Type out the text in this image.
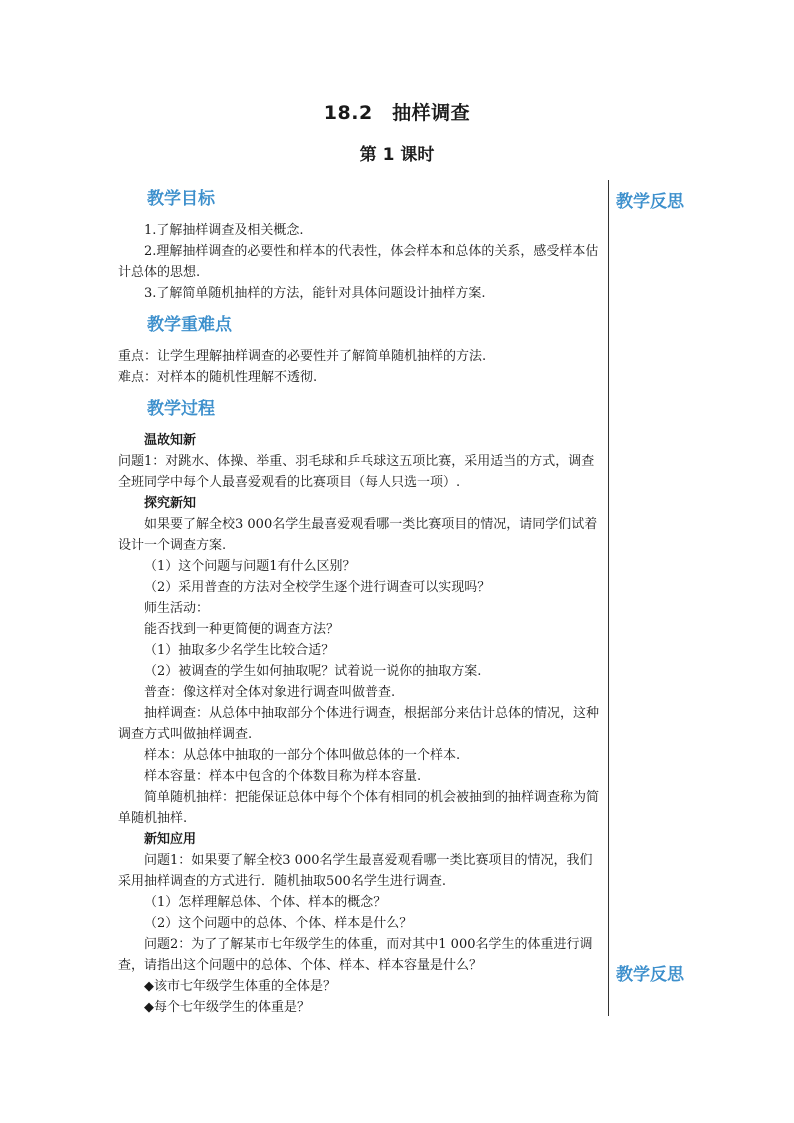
18.2　抽样调查
第 1 课时
教学反思
教学反思
教学目标

1.了解抽样调查及相关概念.

2.理解抽样调查的必要性和样本的代表性，体会样本和总体的关系，感受样本估计总体的思想.

3.了解简单随机抽样的方法，能针对具体问题设计抽样方案.

教学重难点

重点：让学生理解抽样调查的必要性并了解简单随机抽样的方法.

难点：对样本的随机性理解不透彻.

教学过程
温故知新

问题1：对跳水、体操、举重、羽毛球和乒乓球这五项比赛，采用适当的方式，调查全班同学中每个人最喜爱观看的比赛项目（每人只选一项）.

探究新知

如果要了解全校3 000名学生最喜爱观看哪一类比赛项目的情况，请同学们试着设计一个调查方案.

（1）这个问题与问题1有什么区别？

（2）采用普查的方法对全校学生逐个进行调查可以实现吗？

师生活动：

能否找到一种更简便的调查方法？

（1）抽取多少名学生比较合适？

（2）被调查的学生如何抽取呢？试着说一说你的抽取方案.

普查：像这样对全体对象进行调查叫做普查.

抽样调查：从总体中抽取部分个体进行调查，根据部分来估计总体的情况，这种调查方式叫做抽样调查.

样本：从总体中抽取的一部分个体叫做总体的一个样本.

样本容量：样本中包含的个体数目称为样本容量.

简单随机抽样：把能保证总体中每个个体有相同的机会被抽到的抽样调查称为简单随机抽样.

新知应用

问题1：如果要了解全校3 000名学生最喜爱观看哪一类比赛项目的情况，我们采用抽样调查的方式进行．随机抽取500名学生进行调查.

（1）怎样理解总体、个体、样本的概念？

（2）这个问题中的总体、个体、样本是什么？

问题2：为了了解某市七年级学生的体重，而对其中1 000名学生的体重进行调查，请指出这个问题中的总体、个体、样本、样本容量是什么？

◆该市七年级学生体重的全体是？

◆每个七年级学生的体重是？
